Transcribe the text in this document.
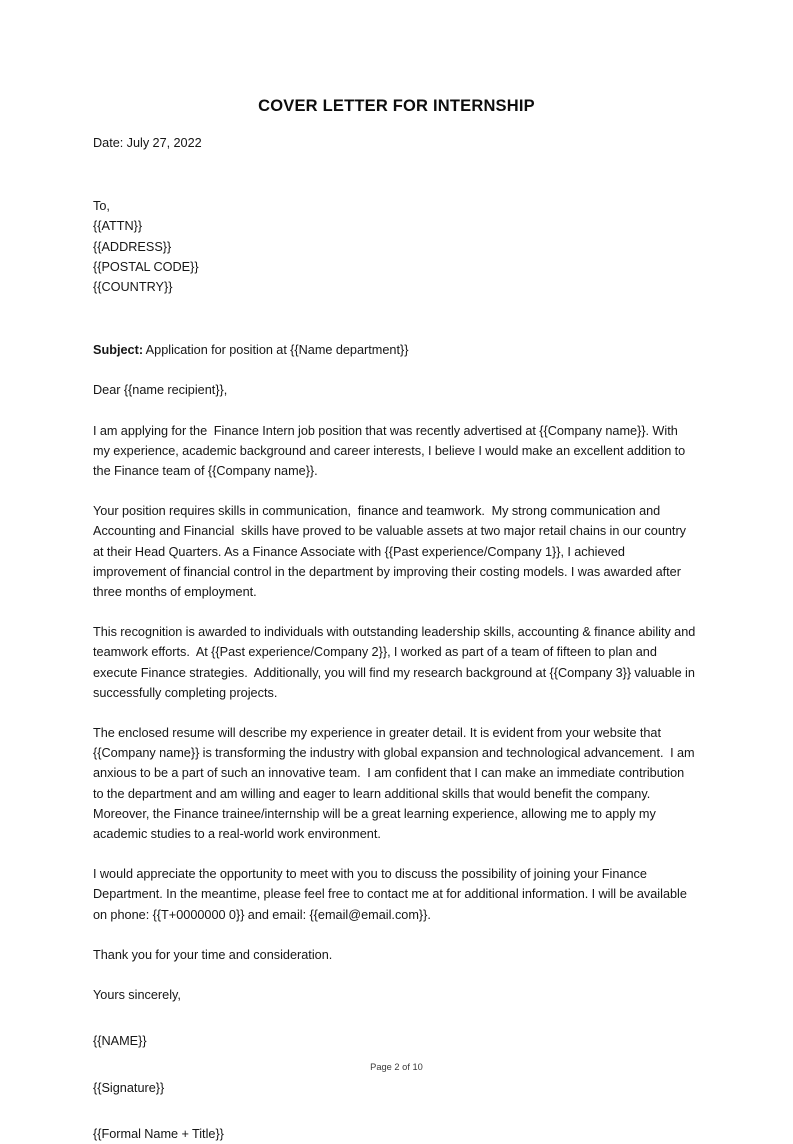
COVER LETTER FOR INTERNSHIP
Date: July 27, 2022
To,
{{ATTN}}
{{ADDRESS}}
{{POSTAL CODE}}
{{COUNTRY}}
Subject: Application for position at {{Name department}}
Dear {{name recipient}},

I am applying for the  Finance Intern job position that was recently advertised at {{Company name}}. With my experience, academic background and career interests, I believe I would make an excellent addition to the Finance team of {{Company name}}.

Your position requires skills in communication,  finance and teamwork.  My strong communication and Accounting and Financial  skills have proved to be valuable assets at two major retail chains in our country at their Head Quarters. As a Finance Associate with {{Past experience/Company 1}}, I achieved improvement of financial control in the department by improving their costing models. I was awarded after three months of employment.

This recognition is awarded to individuals with outstanding leadership skills, accounting & finance ability and teamwork efforts.  At {{Past experience/Company 2}}, I worked as part of a team of fifteen to plan and execute Finance strategies.  Additionally, you will find my research background at {{Company 3}} valuable in successfully completing projects.

The enclosed resume will describe my experience in greater detail. It is evident from your website that {{Company name}} is transforming the industry with global expansion and technological advancement.  I am anxious to be a part of such an innovative team.  I am confident that I can make an immediate contribution to the department and am willing and eager to learn additional skills that would benefit the company.  Moreover, the Finance trainee/internship will be a great learning experience, allowing me to apply my academic studies to a real-world work environment.

I would appreciate the opportunity to meet with you to discuss the possibility of joining your Finance Department. In the meantime, please feel free to contact me at for additional information. I will be available on phone: {{T+0000000 0}} and email: {{email@email.com}}.

Thank you for your time and consideration.

Yours sincerely,
{{NAME}}
{{Signature}}
{{Formal Name + Title}}
Page 2 of 10
